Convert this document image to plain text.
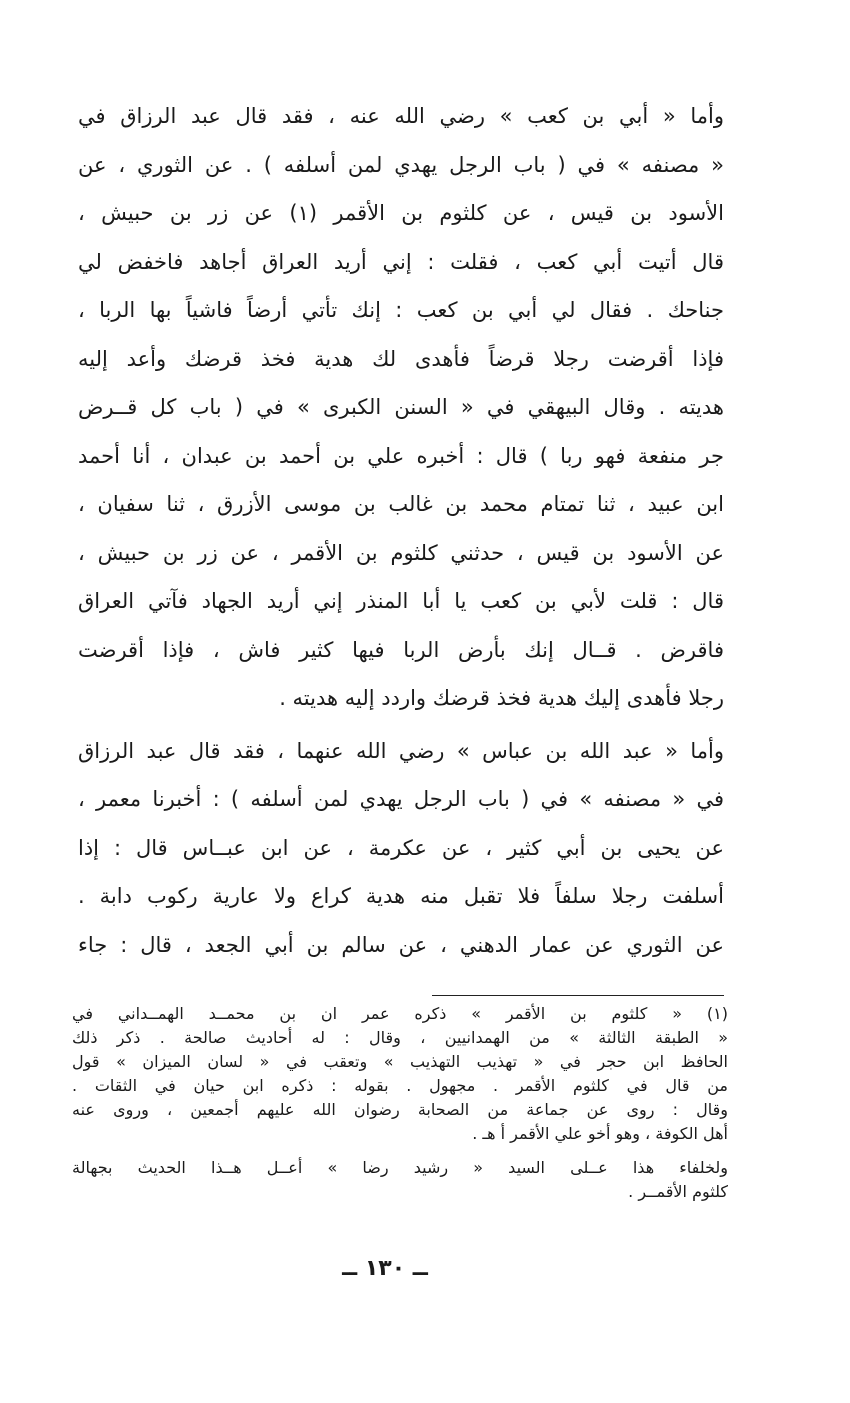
وأما « أبي بن كعب » رضي الله عنه ، فقد قال عبد الرزاق في
« مصنفه » في ( باب الرجل يهدي لمن أسلفه ) . عن الثوري ، عن
الأسود بن قيس ، عن كلثوم بن الأقمر (١) عن زر بن حبيش ،
قال أتيت أبي كعب ، فقلت : إني أريد العراق أجاهد فاخفض لي
جناحك . فقال لي أبي بن كعب : إنك تأتي أرضاً فاشياً بها الربا ،
فإذا أقرضت رجلا قرضاً فأهدى لك هدية فخذ قرضك وأعد إليه
هديته . وقال البيهقي في « السنن الكبرى » في ( باب كل قــرض
جر منفعة فهو ربا ) قال : أخبره علي بن أحمد بن عبدان ، أنا أحمد
ابن عبيد ، ثنا تمتام محمد بن غالب بن موسى الأزرق ، ثنا سفيان ،
عن الأسود بن قيس ، حدثني كلثوم بن الأقمر ، عن زر بن حبيش ،
قال : قلت لأبي بن كعب يا أبا المنذر إني أريد الجهاد فآتي العراق
فاقرض . قــال إنك بأرض الربا فيها كثير فاش ، فإذا أقرضت
رجلا فأهدى إليك هدية فخذ قرضك واردد إليه هديته .
وأما « عبد الله بن عباس » رضي الله عنهما ، فقد قال عبد الرزاق
في « مصنفه » في ( باب الرجل يهدي لمن أسلفه ) : أخبرنا معمر ،
عن يحيى بن أبي كثير ، عن عكرمة ، عن ابن عبــاس قال : إذا
أسلفت رجلا سلفاً فلا تقبل منه هدية كراع ولا عارية ركوب دابة .
عن الثوري عن عمار الدهني ، عن سالم بن أبي الجعد ، قال : جاء
(١) « كلثوم بن الأقمر » ذكره عمر ان بن محمــد الهمــداني في
« الطبقة الثالثة » من الهمدانيين ، وقال : له أحاديث صالحة . ذكر ذلك
الحافظ ابن حجر في « تهذيب التهذيب » وتعقب في « لسان الميزان » قول
من قال في كلثوم الأقمر . مجهول . بقوله : ذكره ابن حيان في الثقات .
وقال : روى عن جماعة من الصحابة رضوان الله عليهم أجمعين ، وروى عنه
أهل الكوفة ، وهو أخو علي الأقمر أ هـ .
ولخلفاء هذا عــلى السيد « رشيد رضا » أعــل هــذا الحديث بجهالة
كلثوم الأقمــر .
ــ ١٣٠ ــ
